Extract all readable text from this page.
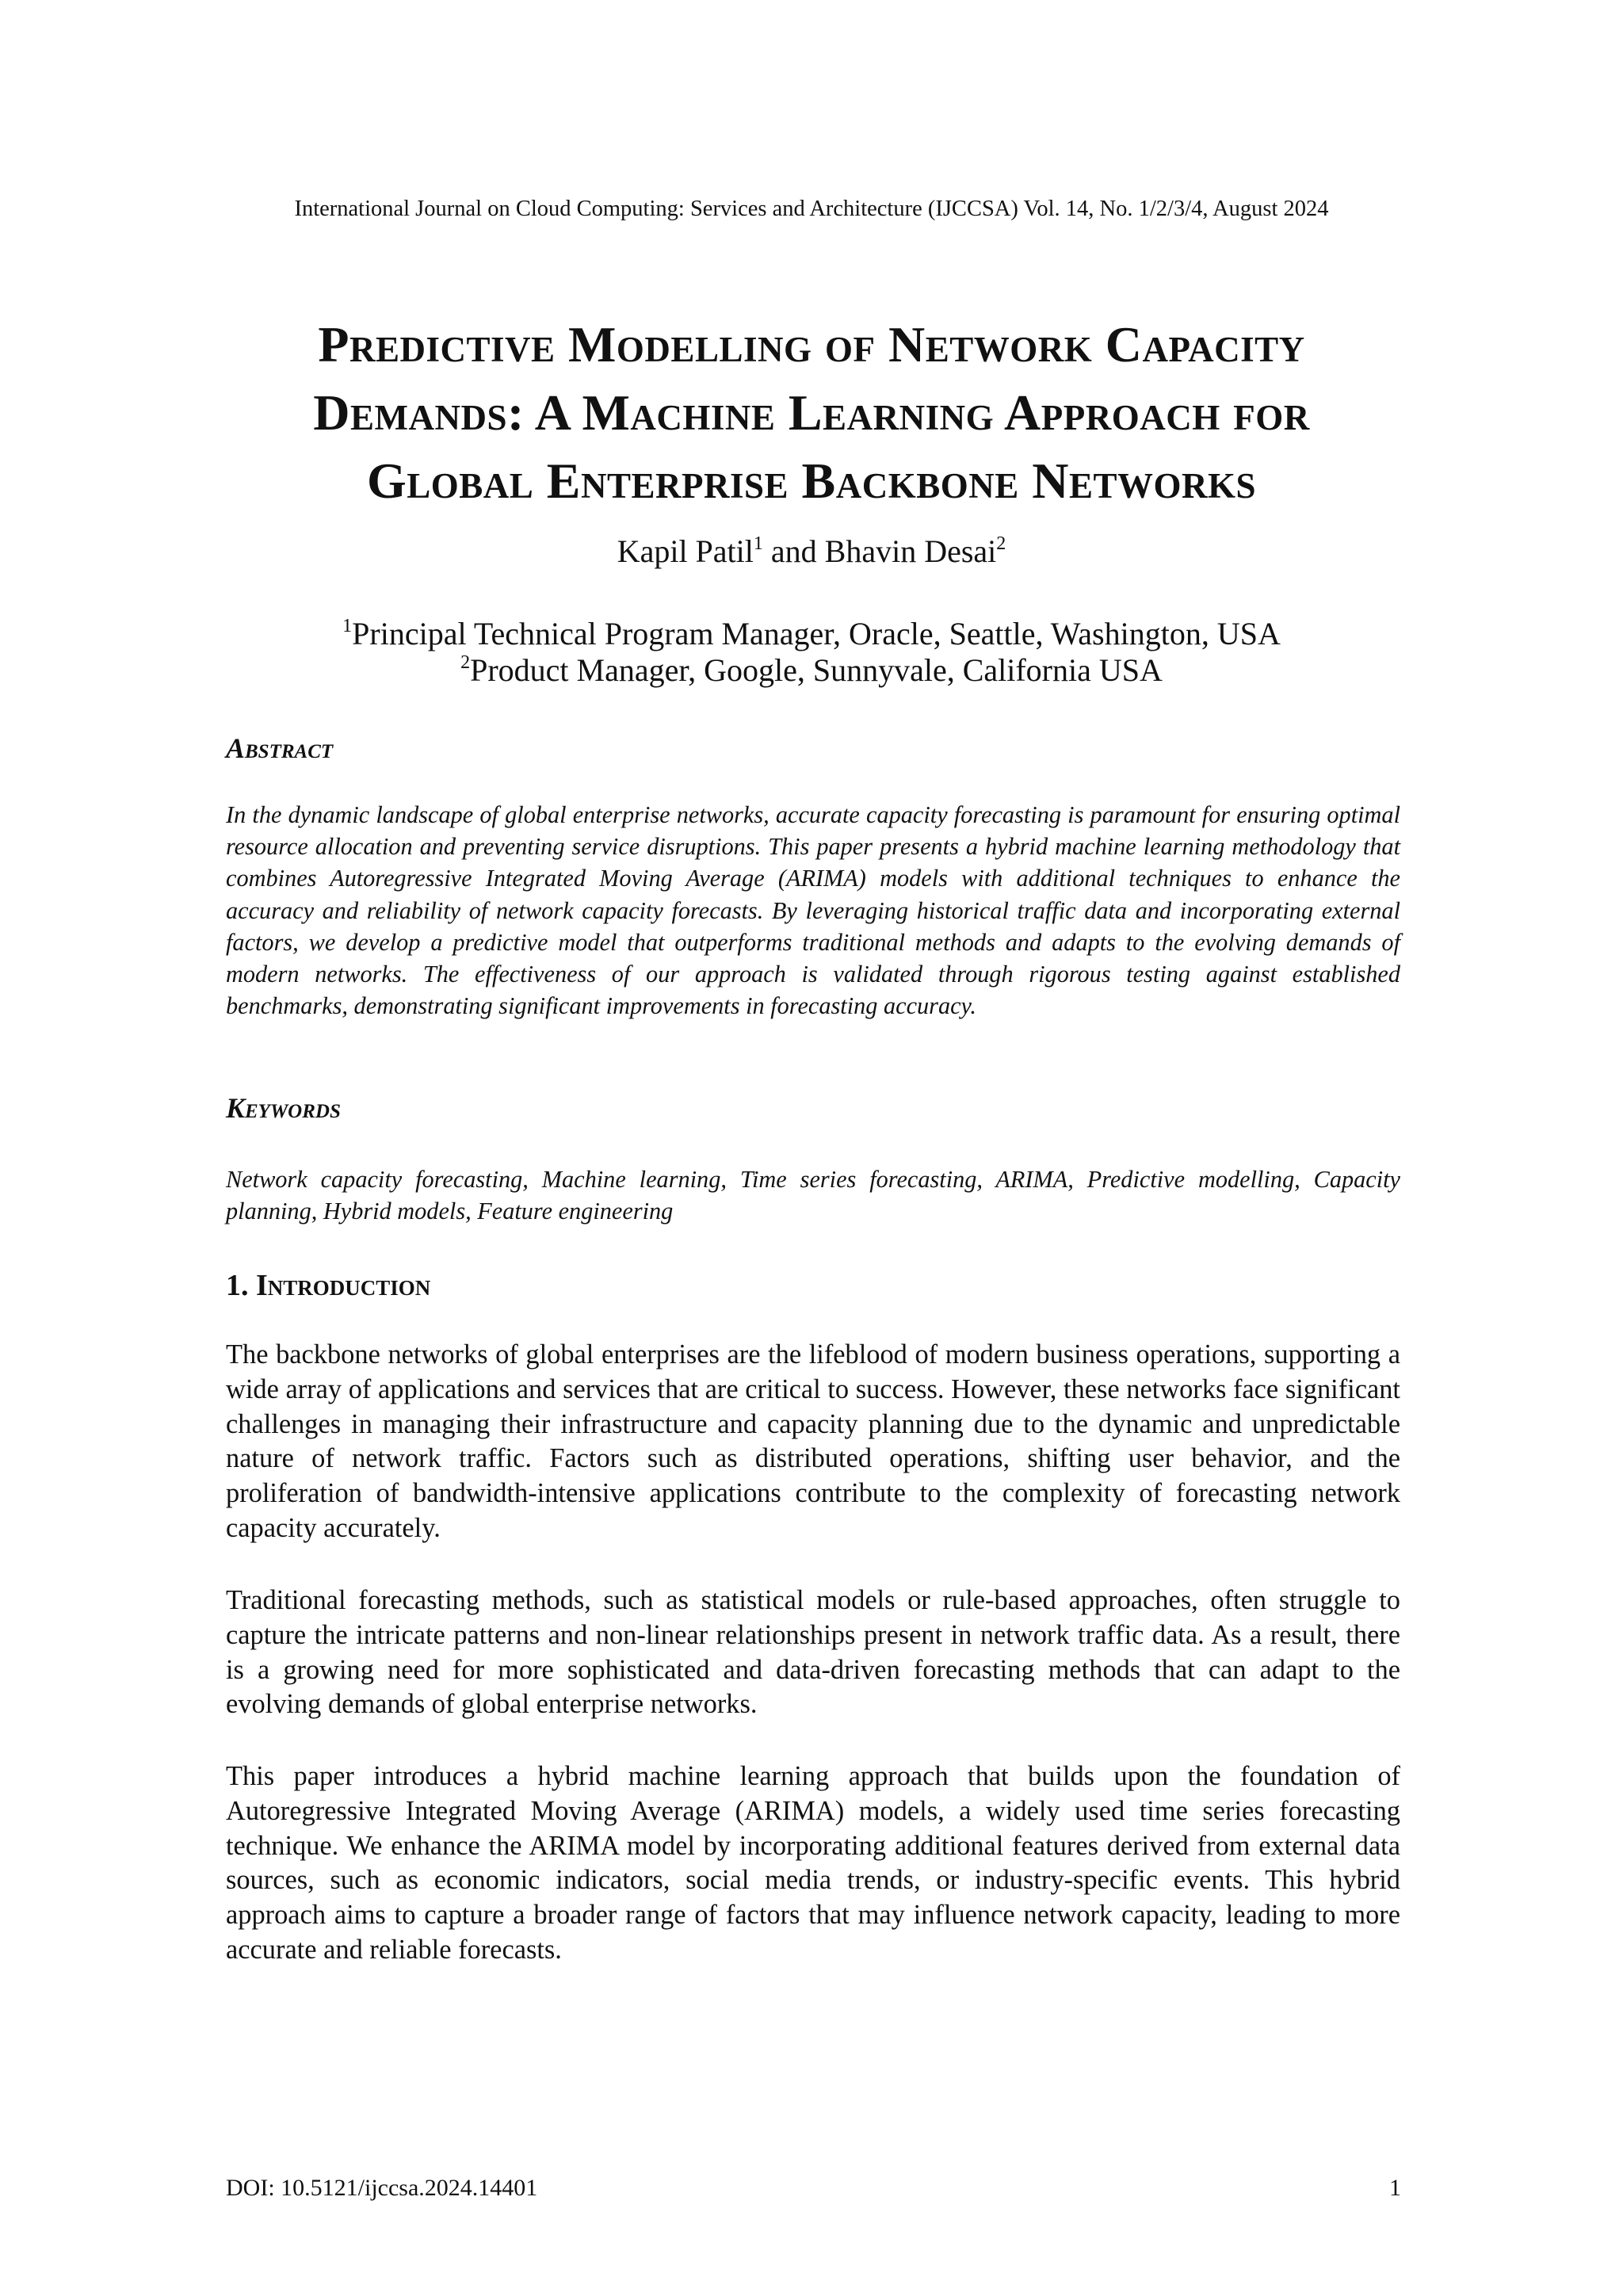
International Journal on Cloud Computing: Services and Architecture (IJCCSA) Vol. 14, No. 1/2/3/4, August 2024
Predictive Modelling of Network Capacity
Demands: A Machine Learning Approach for
Global Enterprise Backbone Networks
Kapil Patil$^1$ and Bhavin Desai$^2$
$^1$Principal Technical Program Manager, Oracle, Seattle, Washington, USA
$^2$Product Manager, Google, Sunnyvale, California USA
Abstract
In the dynamic landscape of global enterprise networks, accurate capacity forecasting is paramount for ensuring optimal resource allocation and preventing service disruptions. This paper presents a hybrid machine learning methodology that combines Autoregressive Integrated Moving Average (ARIMA) models with additional techniques to enhance the accuracy and reliability of network capacity forecasts. By leveraging historical traffic data and incorporating external factors, we develop a predictive model that outperforms traditional methods and adapts to the evolving demands of modern networks. The effectiveness of our approach is validated through rigorous testing against established benchmarks, demonstrating significant improvements in forecasting accuracy.
Keywords
Network capacity forecasting, Machine learning, Time series forecasting, ARIMA, Predictive modelling, Capacity planning, Hybrid models, Feature engineering
1. Introduction
The backbone networks of global enterprises are the lifeblood of modern business operations, supporting a wide array of applications and services that are critical to success. However, these networks face significant challenges in managing their infrastructure and capacity planning due to the dynamic and unpredictable nature of network traffic. Factors such as distributed operations, shifting user behavior, and the proliferation of bandwidth-intensive applications contribute to the complexity of forecasting network capacity accurately.
Traditional forecasting methods, such as statistical models or rule-based approaches, often struggle to capture the intricate patterns and non-linear relationships present in network traffic data. As a result, there is a growing need for more sophisticated and data-driven forecasting methods that can adapt to the evolving demands of global enterprise networks.
This paper introduces a hybrid machine learning approach that builds upon the foundation of Autoregressive Integrated Moving Average (ARIMA) models, a widely used time series forecasting technique. We enhance the ARIMA model by incorporating additional features derived from external data sources, such as economic indicators, social media trends, or industry-specific events. This hybrid approach aims to capture a broader range of factors that may influence network capacity, leading to more accurate and reliable forecasts.
DOI: 10.5121/ijccsa.2024.14401	1
